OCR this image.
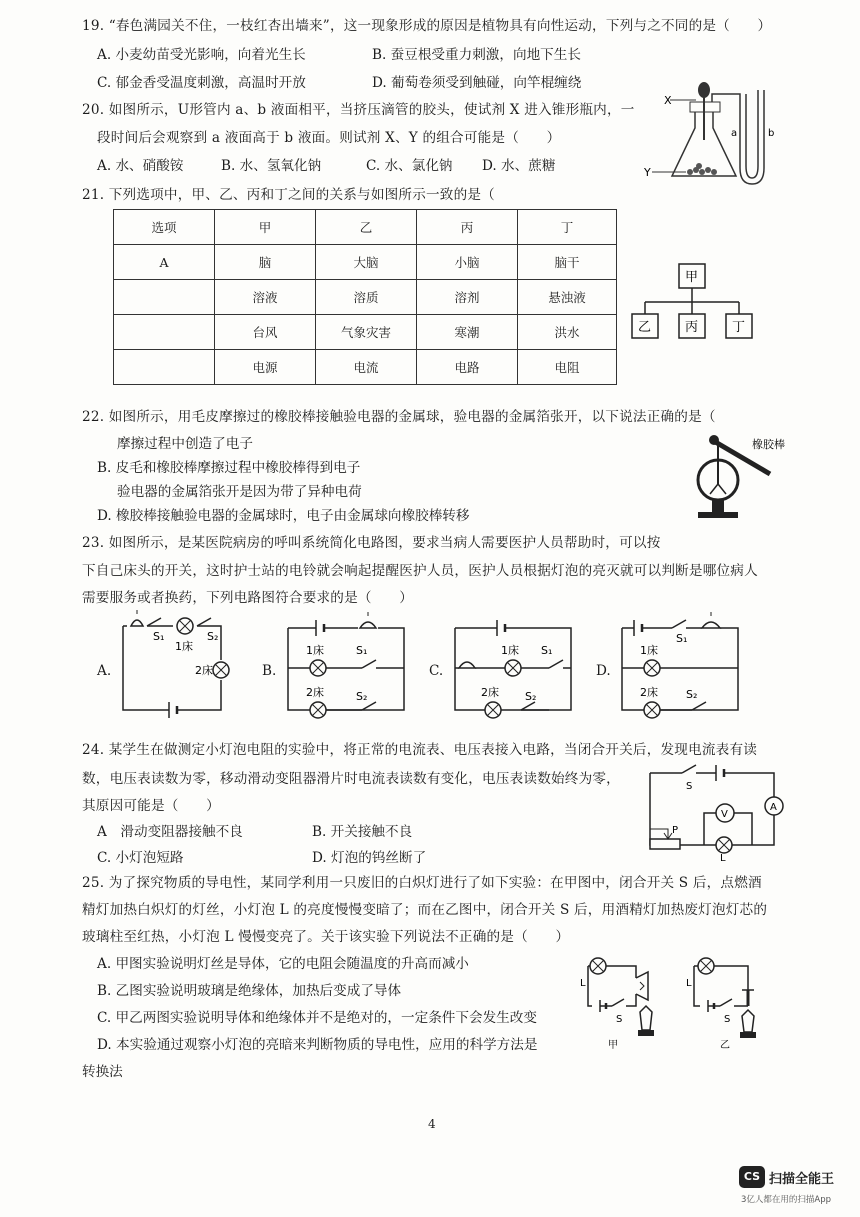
19. “春色满园关不住，一枝红杏出墙来”，这一现象形成的原因是植物具有向性运动，下列与之不同的是（　　）
A. 小麦幼苗受光影响，向着光生长	B. 蚕豆根受重力刺激，向地下生长
C. 郁金香受温度刺激，高温时开放	D. 葡萄卷须受到触碰，向竿棍缠绕
20. 如图所示，U形管内 a、b 液面相平，当挤压滴管的胶头，使试剂 X 进入锥形瓶内，一
段时间后会观察到 a 液面高于 b 液面。则试剂 X、Y 的组合可能是（　　）
A. 水、硝酸铵	B. 水、氢氧化钠	C. 水、氯化钠 D. 水、蔗糖
X
Y
a	b
21. 下列选项中，甲、乙、丙和丁之间的关系与如图所示一致的是（
选项	甲	乙	丙	丁
A	脑	大脑	小脑	脑干
	溶液	溶质	溶剂	悬浊液
	台风	气象灾害	寒潮	洪水
	电源	电流	电路	电阻
甲
乙	丙	丁
22. 如图所示，用毛皮摩擦过的橡胶棒接触验电器的金属球，验电器的金属箔张开，以下说法正确的是（
摩擦过程中创造了电子
B. 皮毛和橡胶棒摩擦过程中橡胶棒得到电子
验电器的金属箔张开是因为带了异种电荷
D. 橡胶棒接触验电器的金属球时，电子由金属球向橡胶棒转移
橡胶棒
23. 如图所示，是某医院病房的呼叫系统简化电路图，要求当病人需要医护人员帮助时，可以按
下自己床头的开关，这时护士站的电铃就会响起提醒医护人员，医护人员根据灯泡的亮灭就可以判断是哪位病人
需要服务或者换药，下列电路图符合要求的是（　　）
A.
S₁	S₂
1床
2床	B.
1床	S₁
2床	S₂
C.
1床 S₁
2床 S₂
D.
S₁
1床
2床	S₂
24. 某学生在做测定小灯泡电阻的实验中，将正常的电流表、电压表接入电路，当闭合开关后，发现电流表有读
数，电压表读数为零，移动滑动变阻器滑片时电流表读数有变化，电压表读数始终为零，
其原因可能是（　　）
A　滑动变阻器接触不良	B. 开关接触不良
C. 小灯泡短路	D. 灯泡的钨丝断了
S
A
V
L
P
25. 为了探究物质的导电性，某同学利用一只废旧的白炽灯进行了如下实验：在甲图中，闭合开关 S 后，点燃酒
精灯加热白炽灯的灯丝，小灯泡 L 的亮度慢慢变暗了；而在乙图中，闭合开关 S 后，用酒精灯加热废灯泡灯芯的
玻璃柱至红热，小灯泡 L 慢慢变亮了。关于该实验下列说法不正确的是（　　）
A. 甲图实验说明灯丝是导体，它的电阻会随温度的升高而减小
B. 乙图实验说明玻璃是绝缘体，加热后变成了导体
C. 甲乙两图实验说明导体和绝缘体并不是绝对的，一定条件下会发生改变
D. 本实验通过观察小灯泡的亮暗来判断物质的导电性，应用的科学方法是
转换法
L
S
甲
L
S
乙
4
CS 扫描全能王
3亿人都在用的扫描App
